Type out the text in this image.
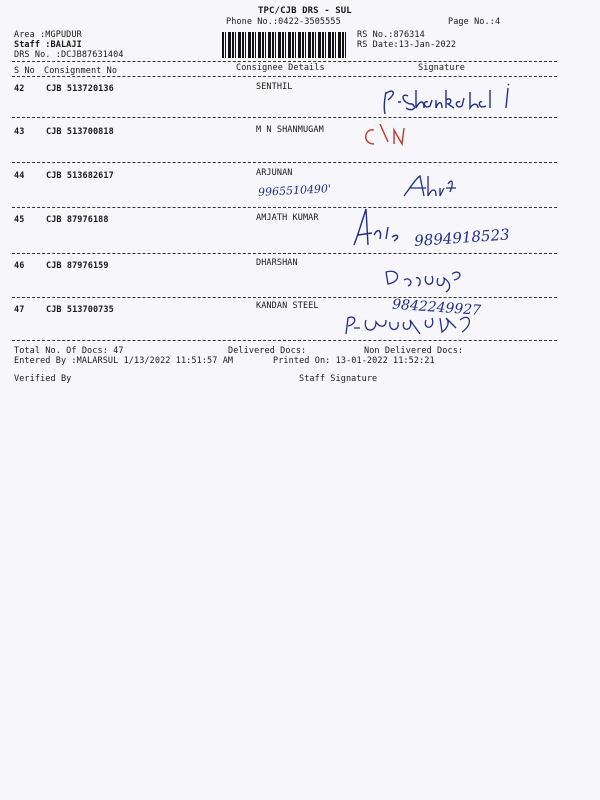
TPC/CJB DRS - SUL
Phone No.:0422-3505555	Page No.:4
Area :MGPUDUR
Staff :BALAJI
DRS No. :DCJB87631404
RS No.:876314
RS Date:13-Jan-2022
S No Consignment No	Consignee Details	Signature
42	CJB 513720136	SENTHIL
43	CJB 513700818	M N SHANMUGAM
44	CJB 513682617	ARJUNAN
9965510490'
45	CJB 87976188	AMJATH KUMAR
9894918523
46	CJB 87976159	DHARSHAN
47	CJB 513700735	KANDAN STEEL	9842249927
Total No. Of Docs: 47	Delivered Docs:	Non Delivered Docs:
Entered By :MALARSUL 1/13/2022 11:51:57 AM	Printed On: 13-01-2022 11:52:21
Verified By	Staff Signature
